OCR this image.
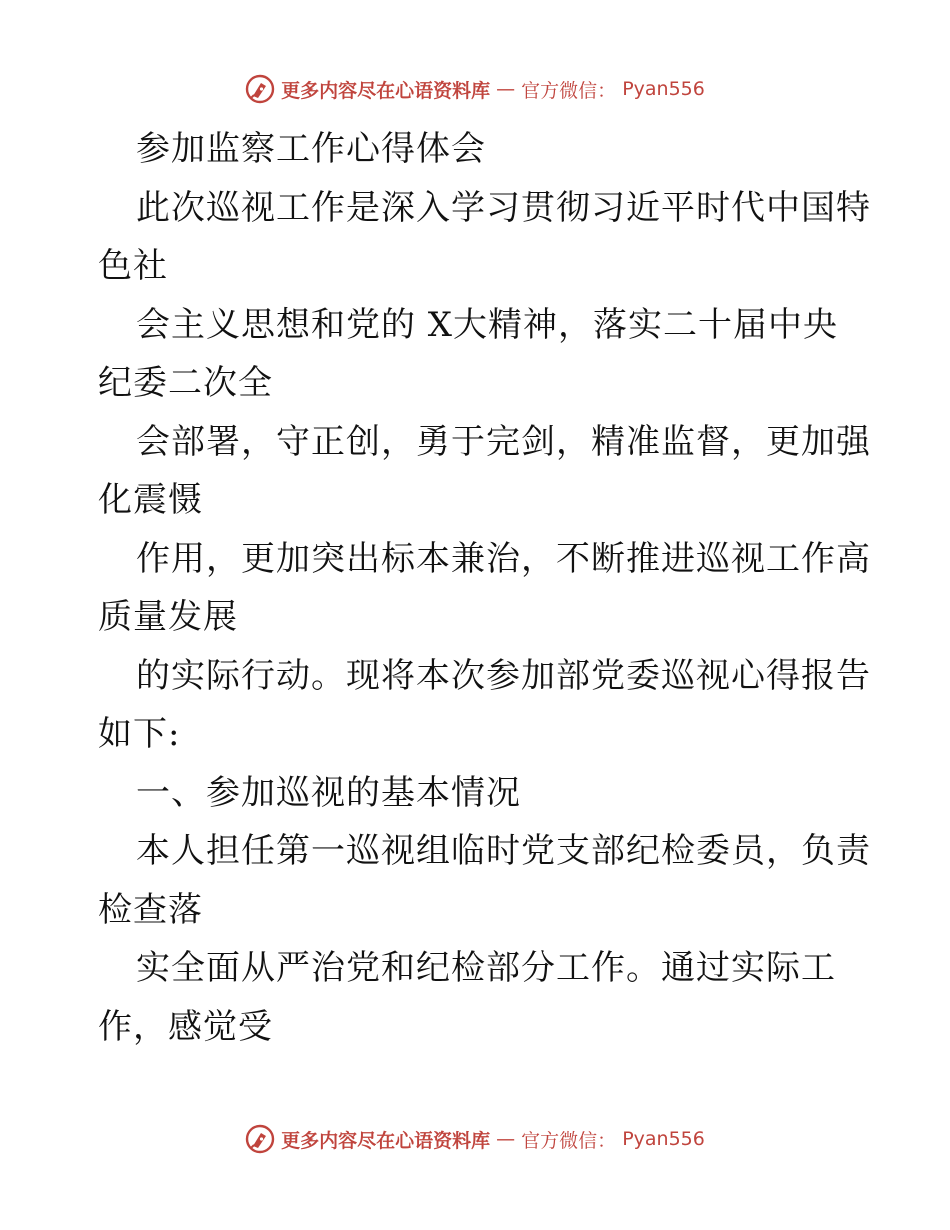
更多内容尽在心语资料库 — 官方微信： Pyan556
参加监察工作心得体会
此次巡视工作是深入学习贯彻习近平时代中国特
色社
会主义思想和党的 X大精神，落实二十届中央
纪委二次全
会部署，守正创，勇于完剑，精准监督，更加强
化震慑
作用，更加突出标本兼治，不断推进巡视工作高
质量发展
的实际行动。现将本次参加部党委巡视心得报告
如下:
一、参加巡视的基本情况
本人担任第一巡视组临时党支部纪检委员，负责
检查落
实全面从严治党和纪检部分工作。通过实际工
作，感觉受
更多内容尽在心语资料库 — 官方微信： Pyan556
